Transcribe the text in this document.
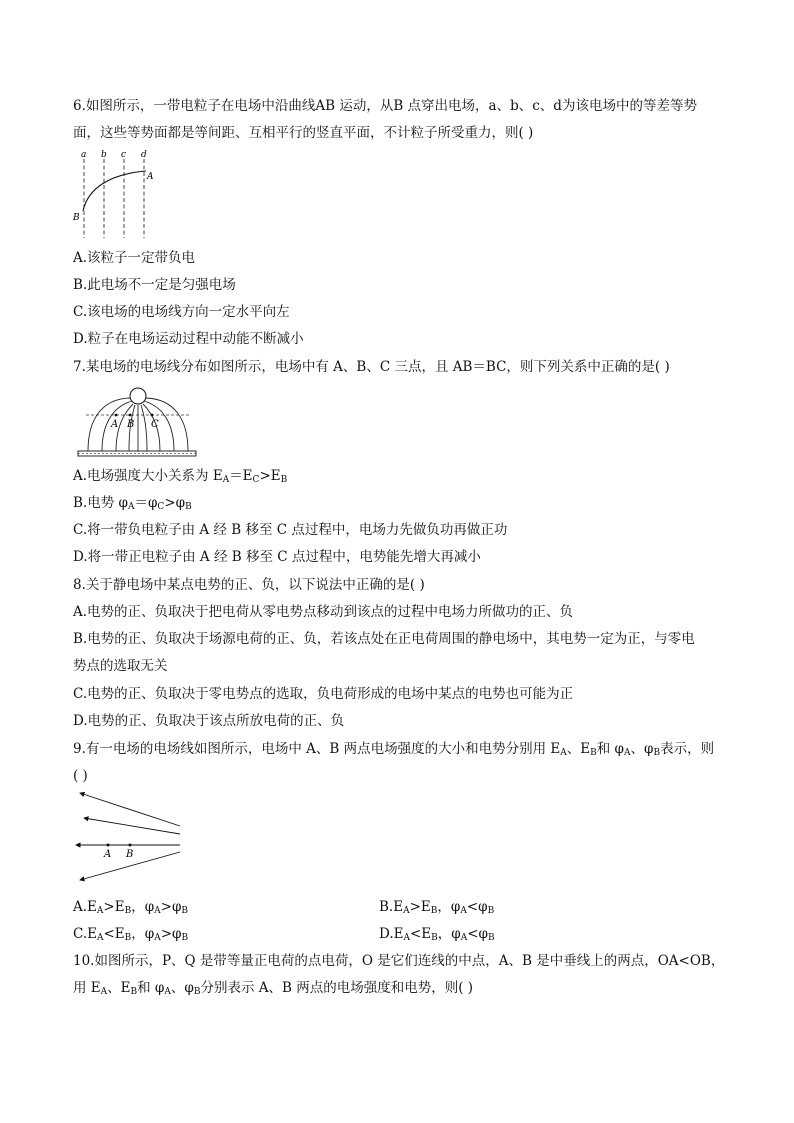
6.如图所示，一带电粒子在电场中沿曲线AB 运动，从B 点穿出电场，a、b、c、d为该电场中的等差等势
面，这些等势面都是等间距、互相平行的竖直平面，不计粒子所受重力，则( )
a b c d
A
B
A.该粒子一定带负电
B.此电场不一定是匀强电场
C.该电场的电场线方向一定水平向左
D.粒子在电场运动过程中动能不断减小
7.某电场的电场线分布如图所示，电场中有 A、B、C 三点，且 AB＝BC，则下列关系中正确的是( )
A B C
A.电场强度大小关系为 $E_A=E_C>E_B$
B.电势 $\varphi_A=\varphi_C>\varphi_B$
C.将一带负电粒子由 A 经 B 移至 C 点过程中，电场力先做负功再做正功
D.将一带正电粒子由 A 经 B 移至 C 点过程中，电势能先增大再减小
8.关于静电场中某点电势的正、负，以下说法中正确的是( )
A.电势的正、负取决于把电荷从零电势点移动到该点的过程中电场力所做功的正、负
B.电势的正、负取决于场源电荷的正、负，若该点处在正电荷周围的静电场中，其电势一定为正，与零电
势点的选取无关
C.电势的正、负取决于零电势点的选取，负电荷形成的电场中某点的电势也可能为正
D.电势的正、负取决于该点所放电荷的正、负
9.有一电场的电场线如图所示，电场中 A、B 两点电场强度的大小和电势分别用 $E_A$、$E_B$和 $\varphi_A$、$\varphi_B$表示，则
( )
A B
$A.E_A>E_B$，$\varphi_A>\varphi_B$	$B.E_A>E_B$，$\varphi_A<\varphi_B$
$C.E_A<E_B$，$\varphi_A>\varphi_B$	$D.E_A<E_B$，$\varphi_A<\varphi_B$
10.如图所示，P、Q 是带等量正电荷的点电荷，O 是它们连线的中点，A、B 是中垂线上的两点，OA<OB，
用 $E_A$、$E_B$和 $\varphi_A$、$\varphi_B$分别表示 A、B 两点的电场强度和电势，则( )
